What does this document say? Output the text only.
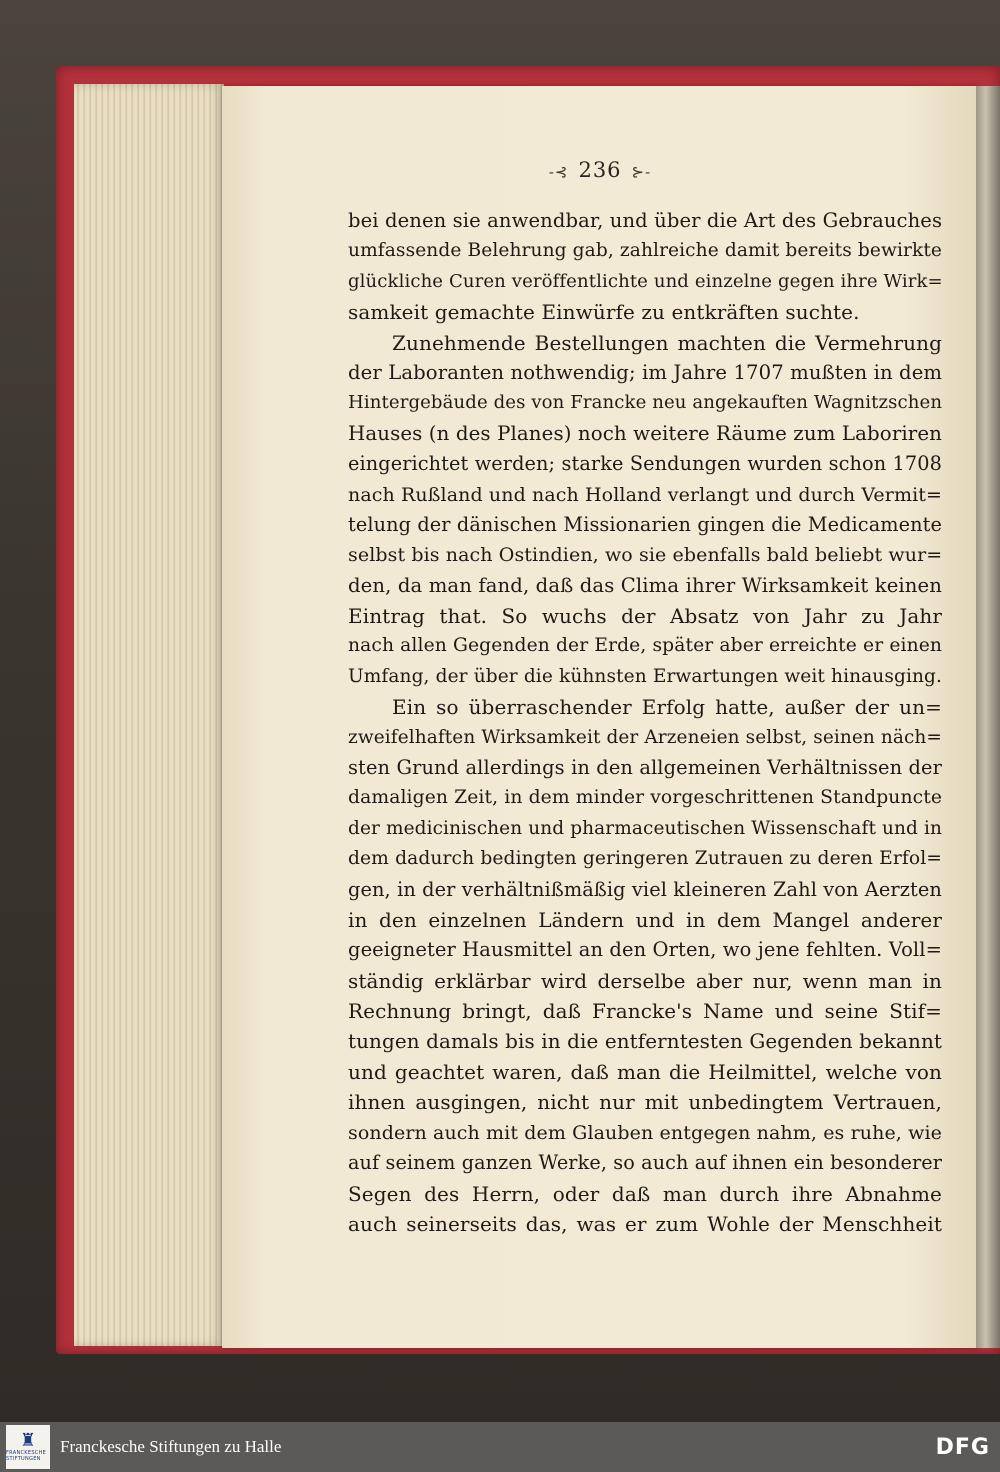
-⊰ 236 ⊱-
bei denen sie anwendbar, und über die Art des Gebrauches
umfassende Belehrung gab, zahlreiche damit bereits bewirkte
glückliche Curen veröffentlichte und einzelne gegen ihre Wirk=
samkeit gemachte Einwürfe zu entkräften suchte.
Zunehmende Bestellungen machten die Vermehrung
der Laboranten nothwendig; im Jahre 1707 mußten in dem
Hintergebäude des von Francke neu angekauften Wagnitzschen
Hauses (n des Planes) noch weitere Räume zum Laboriren
eingerichtet werden; starke Sendungen wurden schon 1708
nach Rußland und nach Holland verlangt und durch Vermit=
telung der dänischen Missionarien gingen die Medicamente
selbst bis nach Ostindien, wo sie ebenfalls bald beliebt wur=
den, da man fand, daß das Clima ihrer Wirksamkeit keinen
Eintrag that. So wuchs der Absatz von Jahr zu Jahr
nach allen Gegenden der Erde, später aber erreichte er einen
Umfang, der über die kühnsten Erwartungen weit hinausging.
Ein so überraschender Erfolg hatte, außer der un=
zweifelhaften Wirksamkeit der Arzeneien selbst, seinen näch=
sten Grund allerdings in den allgemeinen Verhältnissen der
damaligen Zeit, in dem minder vorgeschrittenen Standpuncte
der medicinischen und pharmaceutischen Wissenschaft und in
dem dadurch bedingten geringeren Zutrauen zu deren Erfol=
gen, in der verhältnißmäßig viel kleineren Zahl von Aerzten
in den einzelnen Ländern und in dem Mangel anderer
geeigneter Hausmittel an den Orten, wo jene fehlten. Voll=
ständig erklärbar wird derselbe aber nur, wenn man in
Rechnung bringt, daß Francke's Name und seine Stif=
tungen damals bis in die entferntesten Gegenden bekannt
und geachtet waren, daß man die Heilmittel, welche von
ihnen ausgingen, nicht nur mit unbedingtem Vertrauen,
sondern auch mit dem Glauben entgegen nahm, es ruhe, wie
auf seinem ganzen Werke, so auch auf ihnen ein besonderer
Segen des Herrn, oder daß man durch ihre Abnahme
auch seinerseits das, was er zum Wohle der Menschheit
♜
FRANCKESCHE STIFTUNGEN
Franckesche Stiftungen zu Halle	DFG
